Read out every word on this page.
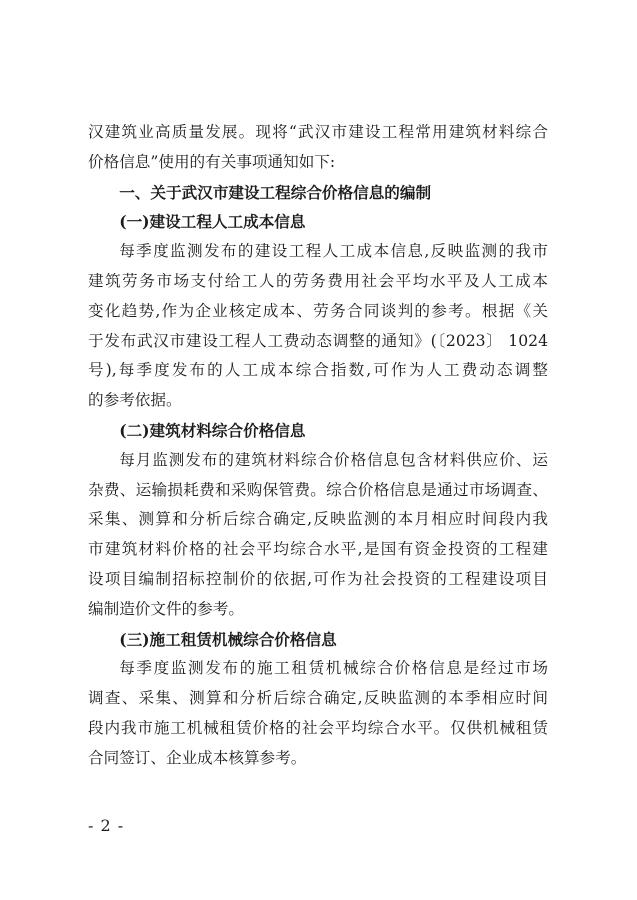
汉建筑业高质量发展。现将“武汉市建设工程常用建筑材料综合
价格信息”使用的有关事项通知如下:
一、关于武汉市建设工程综合价格信息的编制
(一)建设工程人工成本信息
每季度监测发布的建设工程人工成本信息,反映监测的我市
建筑劳务市场支付给工人的劳务费用社会平均水平及人工成本
变化趋势,作为企业核定成本、劳务合同谈判的参考。根据《关
于发布武汉市建设工程人工费动态调整的通知》(〔2023〕 1024
号),每季度发布的人工成本综合指数,可作为人工费动态调整
的参考依据。
(二)建筑材料综合价格信息
每月监测发布的建筑材料综合价格信息包含材料供应价、运
杂费、运输损耗费和采购保管费。综合价格信息是通过市场调查、
采集、测算和分析后综合确定,反映监测的本月相应时间段内我
市建筑材料价格的社会平均综合水平,是国有资金投资的工程建
设项目编制招标控制价的依据,可作为社会投资的工程建设项目
编制造价文件的参考。
(三)施工租赁机械综合价格信息
每季度监测发布的施工租赁机械综合价格信息是经过市场
调查、采集、测算和分析后综合确定,反映监测的本季相应时间
段内我市施工机械租赁价格的社会平均综合水平。仅供机械租赁
合同签订、企业成本核算参考。
- 2 -
